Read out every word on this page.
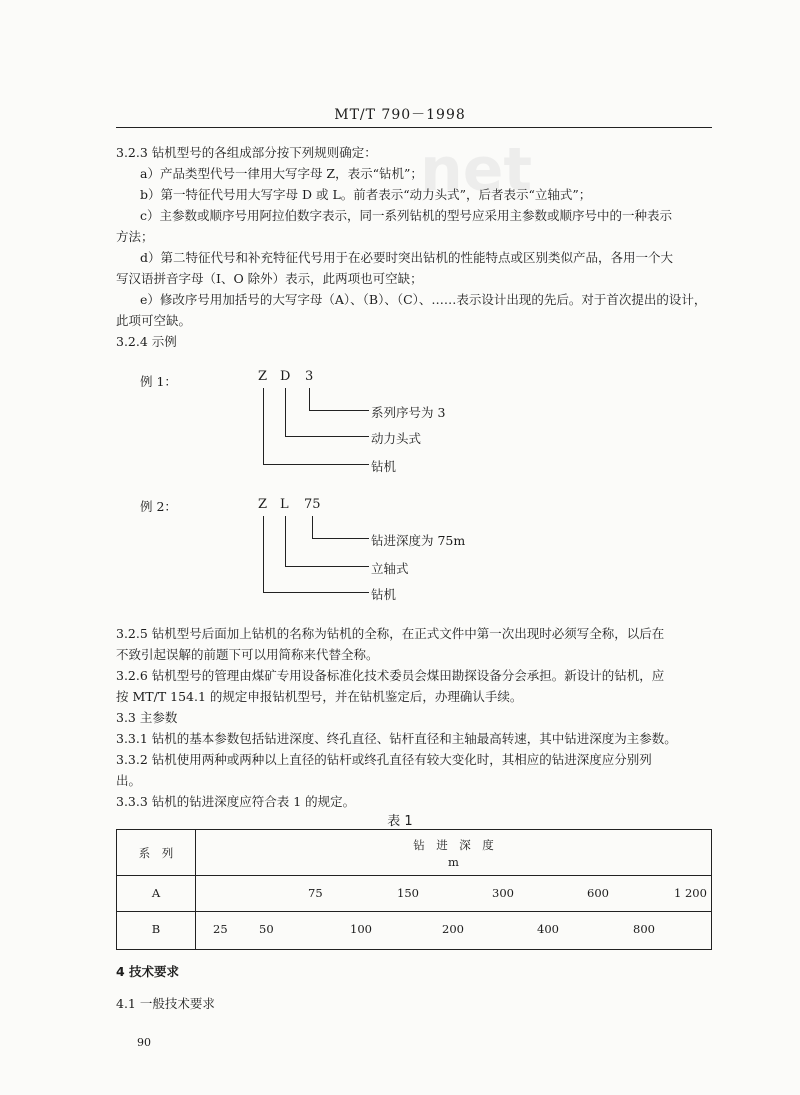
net
MT/T 790－1998
3.2.3 钻机型号的各组成部分按下列规则确定：
a）产品类型代号一律用大写字母 Z，表示“钻机”；
b）第一特征代号用大写字母 D 或 L。前者表示“动力头式”，后者表示“立轴式”；
c）主参数或顺序号用阿拉伯数字表示，同一系列钻机的型号应采用主参数或顺序号中的一种表示
方法；
d）第二特征代号和补充特征代号用于在必要时突出钻机的性能特点或区别类似产品，各用一个大
写汉语拼音字母（I、O 除外）表示，此两项也可空缺；
e）修改序号用加括号的大写字母（A）、（B）、（C）、……表示设计出现的先后。对于首次提出的设计，
此项可空缺。
3.2.4 示例
例 1：	Z D 3
系列序号为 3
动力头式
钻机
例 2：	Z L 75
钻进深度为 75m
立轴式
钻机
3.2.5 钻机型号后面加上钻机的名称为钻机的全称，在正式文件中第一次出现时必须写全称，以后在
不致引起误解的前题下可以用简称来代替全称。
3.2.6 钻机型号的管理由煤矿专用设备标准化技术委员会煤田勘探设备分会承担。新设计的钻机，应
按 MT/T 154.1 的规定申报钻机型号，并在钻机鉴定后，办理确认手续。
3.3 主参数
3.3.1 钻机的基本参数包括钻进深度、终孔直径、钻杆直径和主轴最高转速，其中钻进深度为主参数。
3.3.2 钻机使用两种或两种以上直径的钻杆或终孔直径有较大变化时，其相应的钻进深度应分别列
出。
3.3.3 钻机的钻进深度应符合表 1 的规定。
表 1
系　列
钻　进　深　度
m
A	75	150	300	600	1 200
B	25	50	100	200	400	800
4 技术要求
4.1 一般技术要求
90
